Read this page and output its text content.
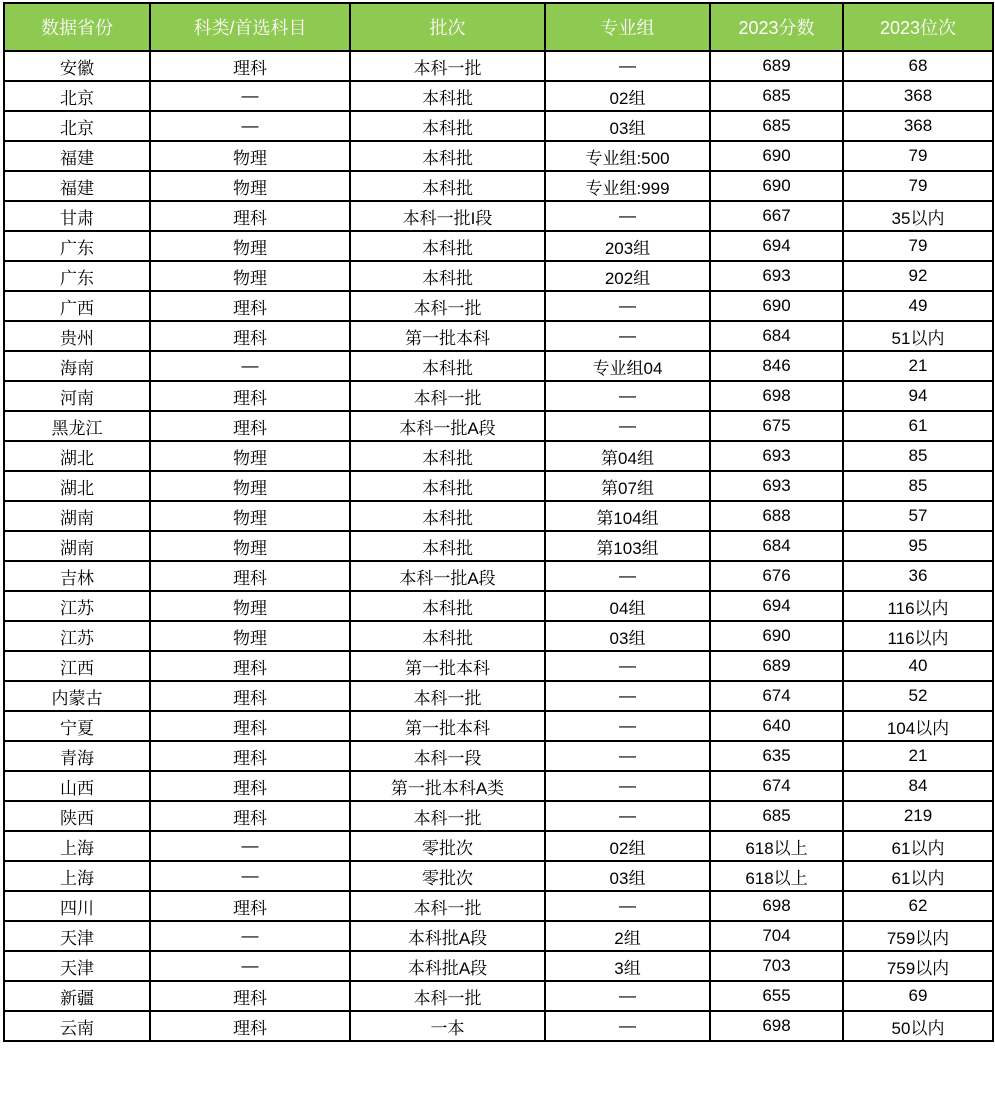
数据省份	科类/首选科目	批次	专业组	2023分数	2023位次
安徽	理科	本科一批	—	689	68
北京	—	本科批	02组	685	368
北京	—	本科批	03组	685	368
福建	物理	本科批	专业组:500	690	79
福建	物理	本科批	专业组:999	690	79
甘肃	理科	本科一批I段	—	667	35以内
广东	物理	本科批	203组	694	79
广东	物理	本科批	202组	693	92
广西	理科	本科一批	—	690	49
贵州	理科	第一批本科	—	684	51以内
海南	—	本科批	专业组04	846	21
河南	理科	本科一批	—	698	94
黑龙江	理科	本科一批A段	—	675	61
湖北	物理	本科批	第04组	693	85
湖北	物理	本科批	第07组	693	85
湖南	物理	本科批	第104组	688	57
湖南	物理	本科批	第103组	684	95
吉林	理科	本科一批A段	—	676	36
江苏	物理	本科批	04组	694	116以内
江苏	物理	本科批	03组	690	116以内
江西	理科	第一批本科	—	689	40
内蒙古	理科	本科一批	—	674	52
宁夏	理科	第一批本科	—	640	104以内
青海	理科	本科一段	—	635	21
山西	理科	第一批本科A类	—	674	84
陕西	理科	本科一批	—	685	219
上海	—	零批次	02组	618以上	61以内
上海	—	零批次	03组	618以上	61以内
四川	理科	本科一批	—	698	62
天津	—	本科批A段	2组	704	759以内
天津	—	本科批A段	3组	703	759以内
新疆	理科	本科一批	—	655	69
云南	理科	一本	—	698	50以内
